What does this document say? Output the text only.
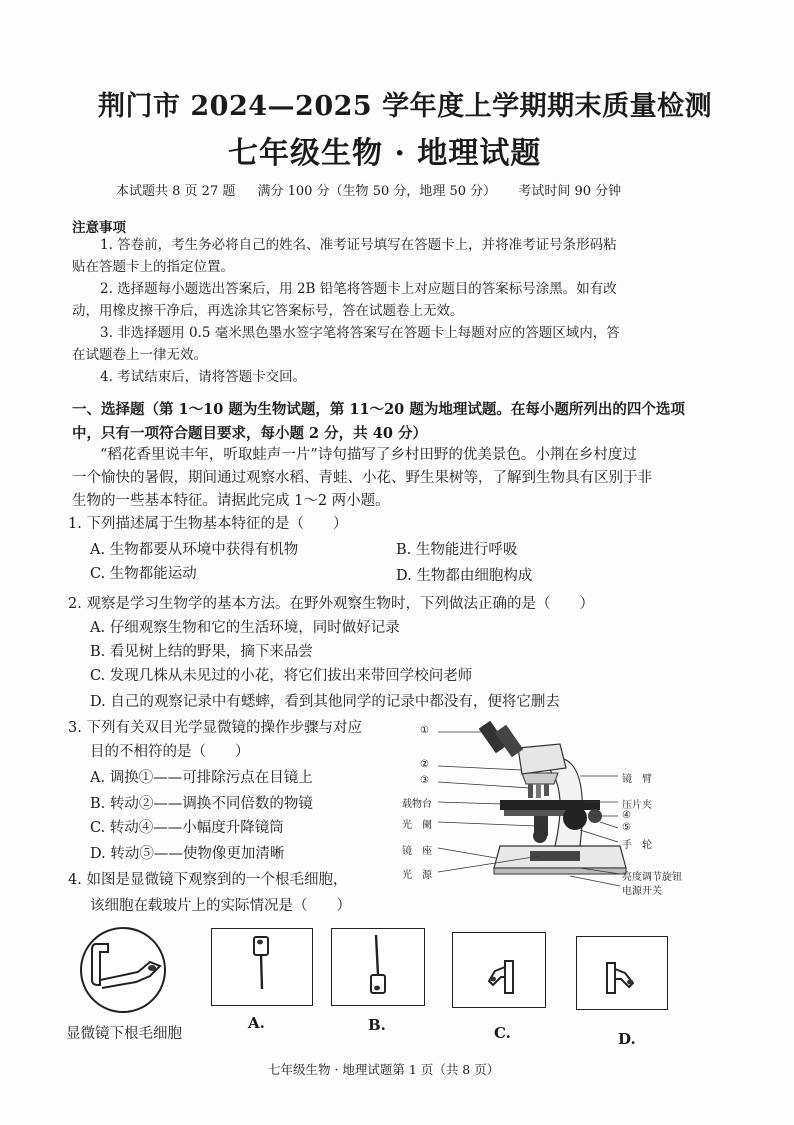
荆门市 2024—2025 学年度上学期期末质量检测
七年级生物 · 地理试题
本试题共 8 页 27 题 满分 100 分（生物 50 分，地理 50 分） 考试时间 90 分钟
注意事项
1. 答卷前，考生务必将自己的姓名、准考证号填写在答题卡上，并将准考证号条形码粘
贴在答题卡上的指定位置。
2. 选择题每小题选出答案后，用 2B 铅笔将答题卡上对应题目的答案标号涂黑。如有改
动，用橡皮擦干净后，再选涂其它答案标号，答在试题卷上无效。
3. 非选择题用 0.5 毫米黑色墨水签字笔将答案写在答题卡上每题对应的答题区域内，答
在试题卷上一律无效。
4. 考试结束后，请将答题卡交回。
一、选择题（第 1～10 题为生物试题，第 11～20 题为地理试题。在每小题所列出的四个选项
中，只有一项符合题目要求，每小题 2 分，共 40 分）
“稻花香里说丰年，听取蛙声一片”诗句描写了乡村田野的优美景色。小荆在乡村度过
一个愉快的暑假，期间通过观察水稻、青蛙、小花、野生果树等，了解到生物具有区别于非
生物的一些基本特征。请据此完成 1～2 两小题。
1. 下列描述属于生物基本特征的是（　　）
A. 生物都要从环境中获得有机物	B. 生物能进行呼吸
C. 生物都能运动	D. 生物都由细胞构成
2. 观察是学习生物学的基本方法。在野外观察生物时，下列做法正确的是（　　）
A. 仔细观察生物和它的生活环境，同时做好记录
B. 看见树上结的野果，摘下来品尝
C. 发现几株从未见过的小花，将它们拔出来带回学校问老师
D. 自己的观察记录中有蟋蟀，看到其他同学的记录中都没有，便将它删去
3. 下列有关双目光学显微镜的操作步骤与对应
目的不相符的是（　　）
A. 调换①——可排除污点在目镜上
B. 转动②——调换不同倍数的物镜
C. 转动④——小幅度升降镜筒
D. 转动⑤——使物像更加清晰
①
②
③
载物台
光　阑
镜　座
光　源
镜　臂
压片夹
④
⑤
手　轮
亮度调节旋钮
电源开关
4. 如图是显微镜下观察到的一个根毛细胞，
该细胞在载玻片上的实际情况是（　　）
显微镜下根毛细胞
A.	B.	C.	D.
七年级生物 · 地理试题第 1 页（共 8 页）
